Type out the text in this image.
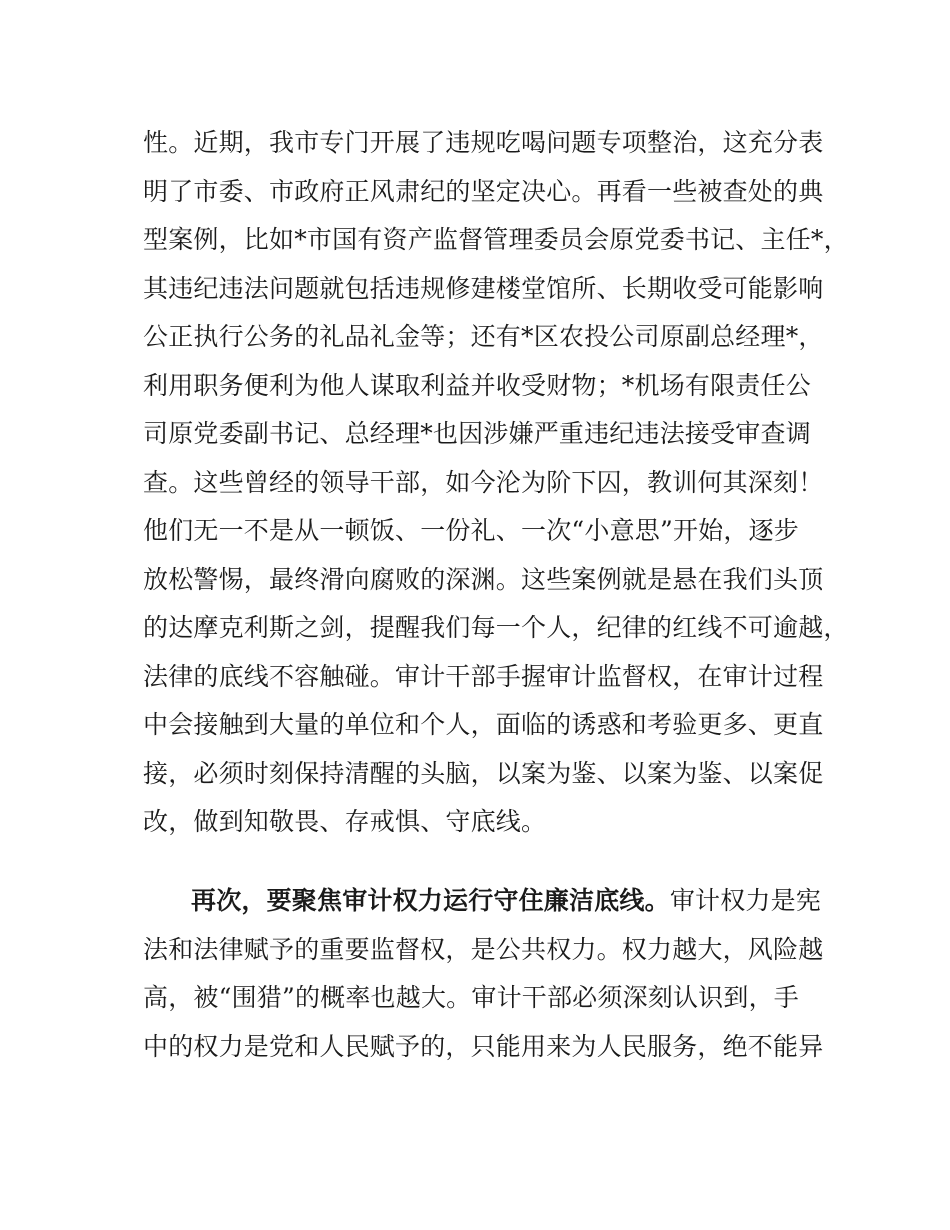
性。近期，我市专门开展了违规吃喝问题专项整治，这充分表
明了市委、市政府正风肃纪的坚定决心。再看一些被查处的典
型案例，比如*市国有资产监督管理委员会原党委书记、主任*，
其违纪违法问题就包括违规修建楼堂馆所、长期收受可能影响
公正执行公务的礼品礼金等；还有*区农投公司原副总经理*，
利用职务便利为他人谋取利益并收受财物；*机场有限责任公
司原党委副书记、总经理*也因涉嫌严重违纪违法接受审查调
查。这些曾经的领导干部，如今沦为阶下囚，教训何其深刻！
他们无一不是从一顿饭、一份礼、一次“小意思”开始，逐步
放松警惕，最终滑向腐败的深渊。这些案例就是悬在我们头顶
的达摩克利斯之剑，提醒我们每一个人，纪律的红线不可逾越，
法律的底线不容触碰。审计干部手握审计监督权，在审计过程
中会接触到大量的单位和个人，面临的诱惑和考验更多、更直
接，必须时刻保持清醒的头脑，以案为鉴、以案为鉴、以案促
改，做到知敬畏、存戒惧、守底线。
再次，要聚焦审计权力运行守住廉洁底线。审计权力是宪
法和法律赋予的重要监督权，是公共权力。权力越大，风险越
高，被“围猎”的概率也越大。审计干部必须深刻认识到，手
中的权力是党和人民赋予的，只能用来为人民服务，绝不能异
